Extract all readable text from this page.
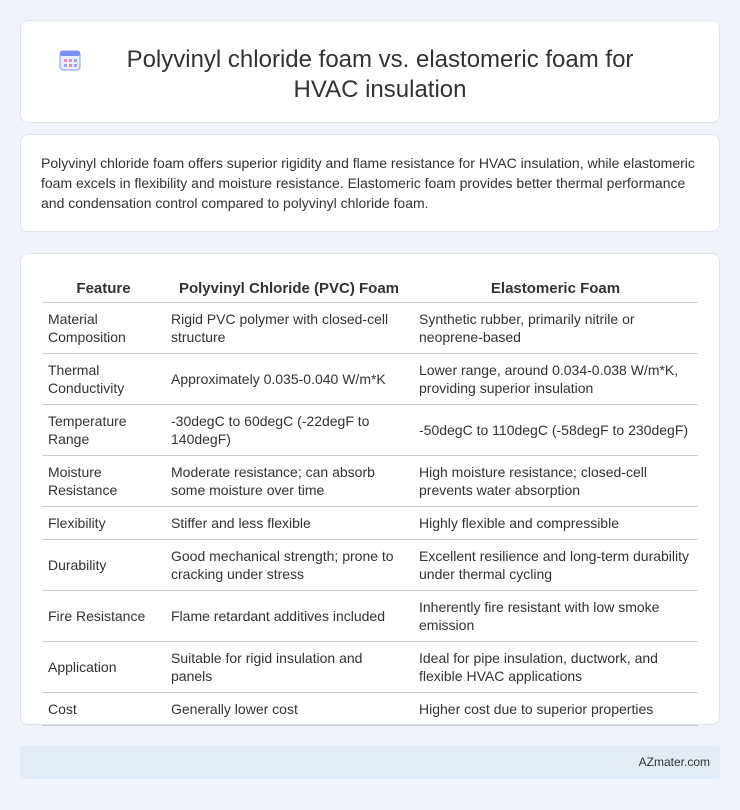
Polyvinyl chloride foam vs. elastomeric foam for HVAC insulation

Polyvinyl chloride foam offers superior rigidity and flame resistance for HVAC insulation, while elastomeric foam excels in flexibility and moisture resistance. Elastomeric foam provides better thermal performance and condensation control compared to polyvinyl chloride foam.

Feature	Polyvinyl Chloride (PVC) Foam	Elastomeric Foam
Material Composition	Rigid PVC polymer with closed-cell structure	Synthetic rubber, primarily nitrile or neoprene-based
Thermal Conductivity	Approximately 0.035-0.040 W/m*K	Lower range, around 0.034-0.038 W/m*K, providing superior insulation
Temperature Range	-30degC to 60degC (-22degF to 140degF)	-50degC to 110degC (-58degF to 230degF)
Moisture Resistance	Moderate resistance; can absorb some moisture over time	High moisture resistance; closed-cell prevents water absorption
Flexibility	Stiffer and less flexible	Highly flexible and compressible
Durability	Good mechanical strength; prone to cracking under stress	Excellent resilience and long-term durability under thermal cycling
Fire Resistance	Flame retardant additives included	Inherently fire resistant with low smoke emission
Application	Suitable for rigid insulation and panels	Ideal for pipe insulation, ductwork, and flexible HVAC applications
Cost	Generally lower cost	Higher cost due to superior properties
AZmater.com
